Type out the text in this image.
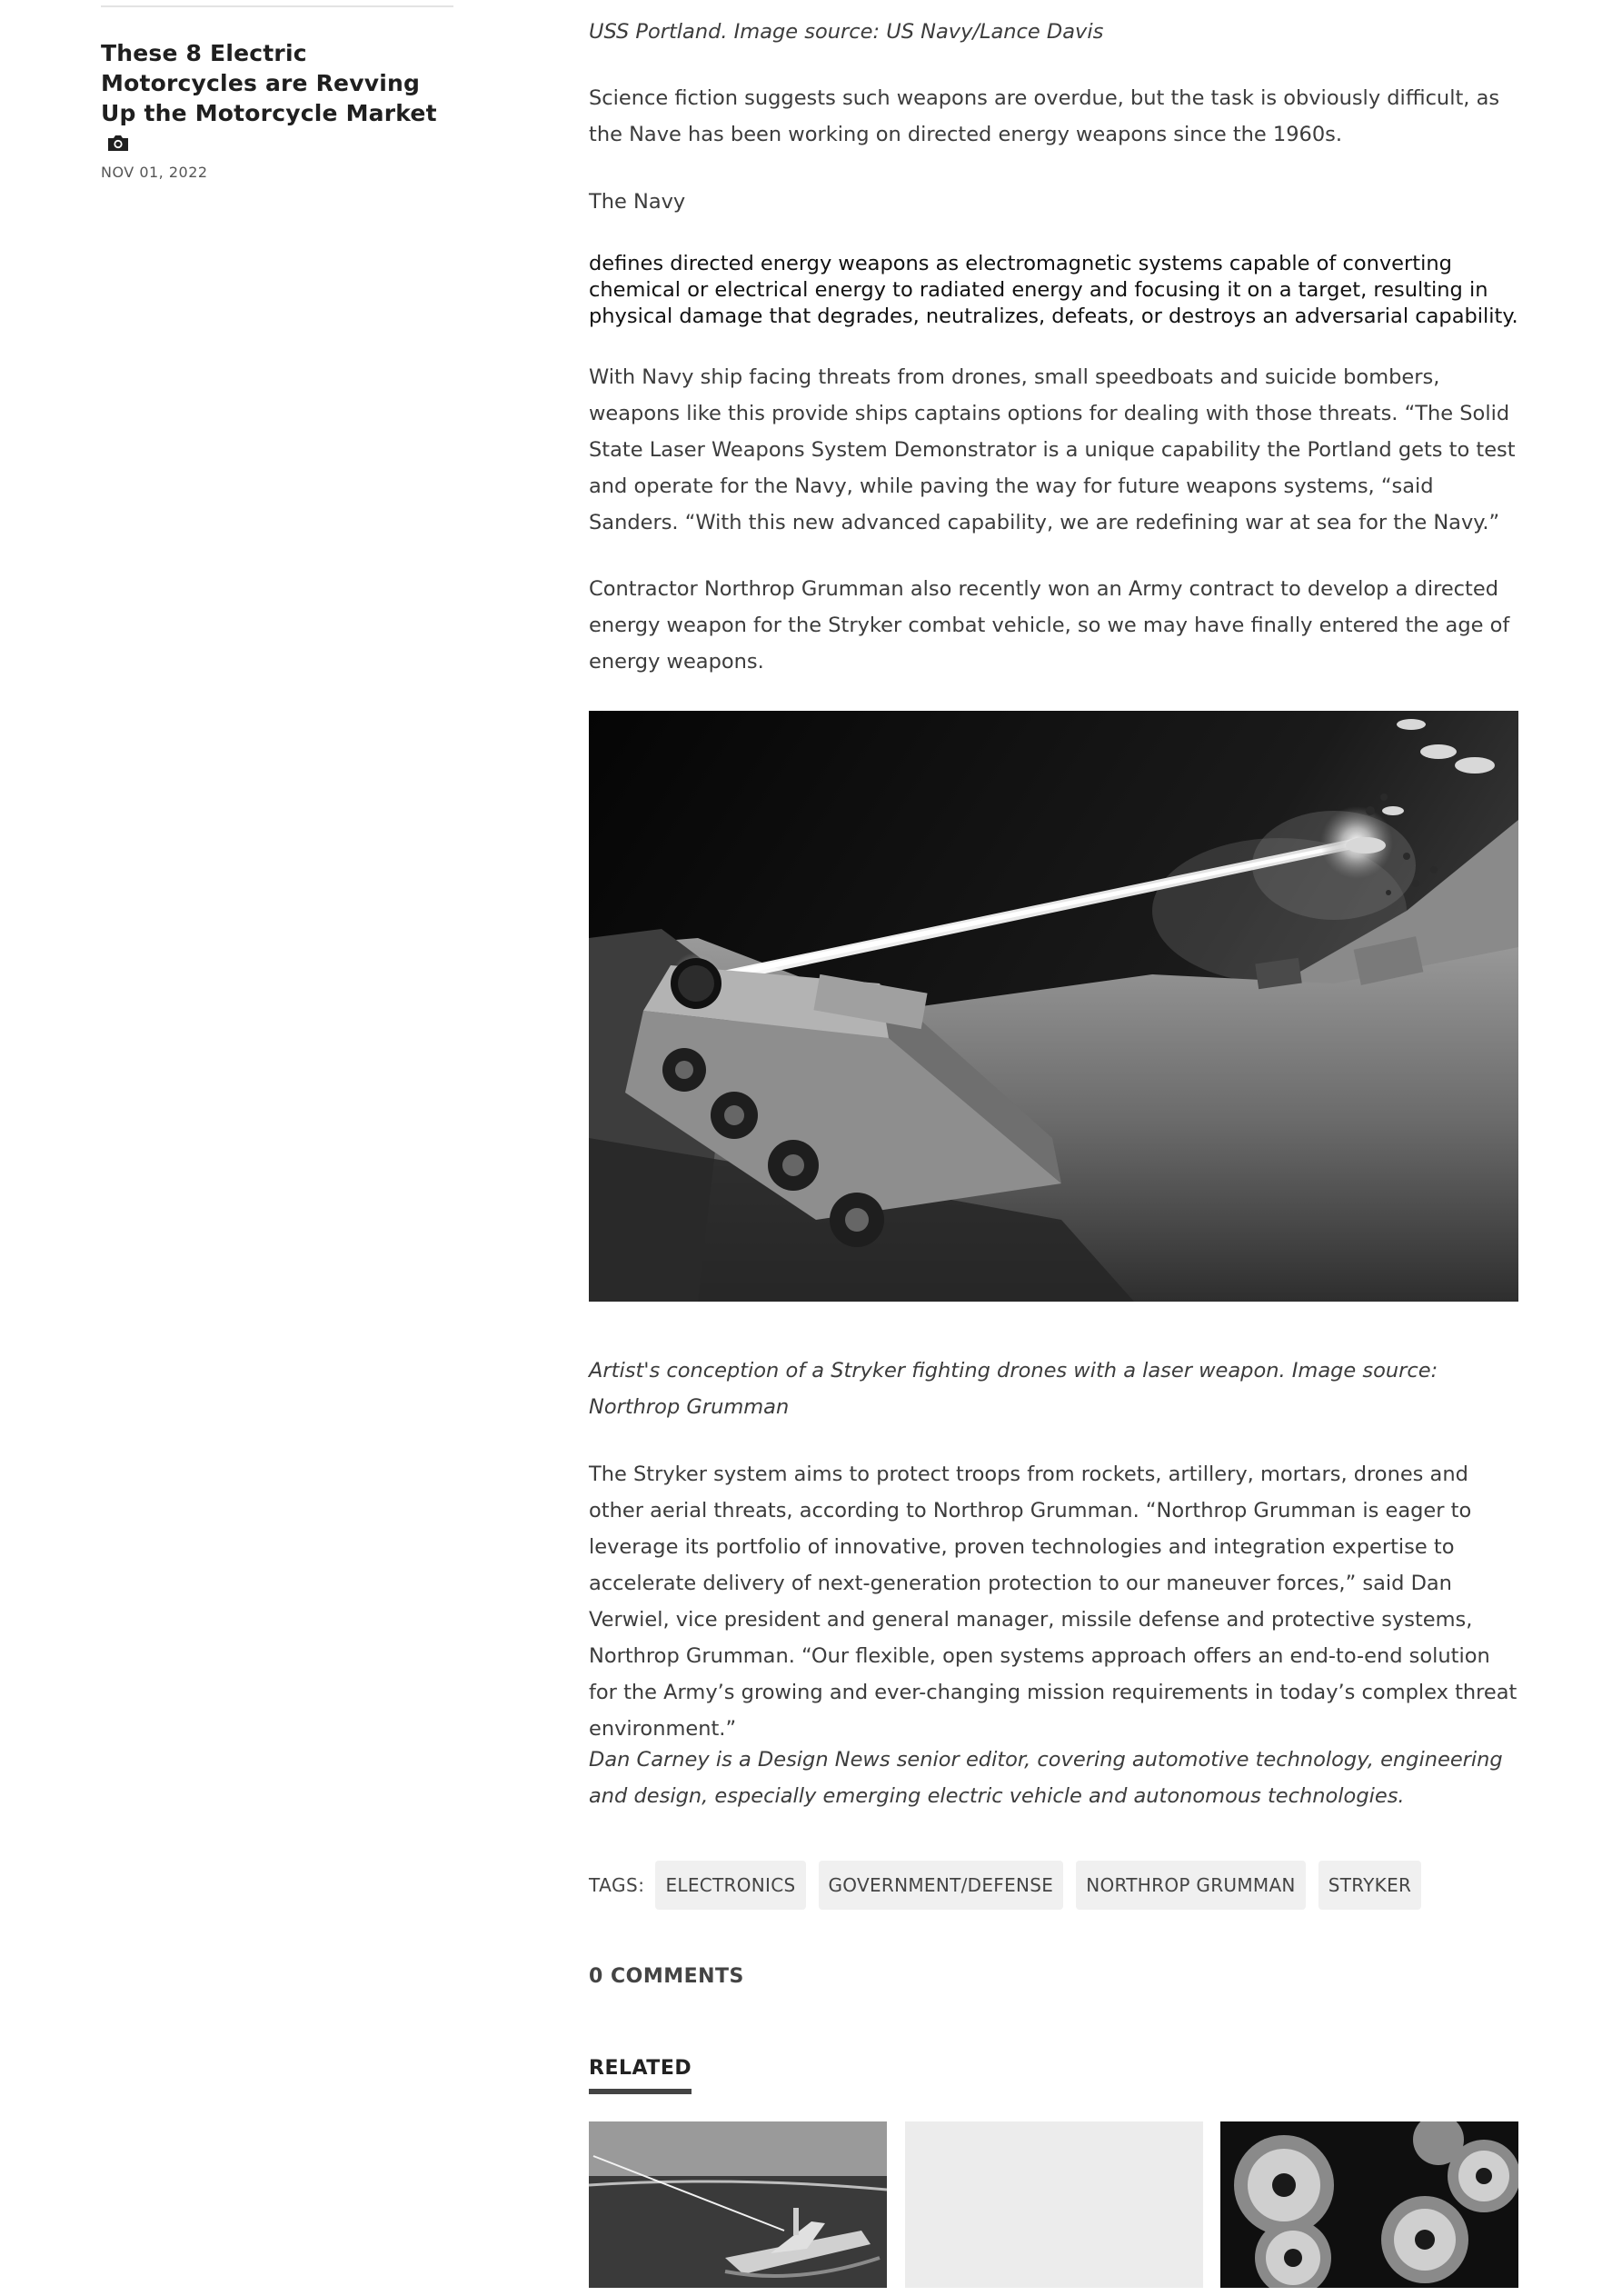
These 8 Electric Motorcycles are Revving Up the Motorcycle Market
NOV 01, 2022

USS Portland. Image source: US Navy/Lance Davis

Science fiction suggests such weapons are overdue, but the task is obviously difficult, as the Nave has been working on directed energy weapons since the 1960s.

The Navy

defines directed energy weapons as electromagnetic systems capable of converting chemical or electrical energy to radiated energy and focusing it on a target, resulting in physical damage that degrades, neutralizes, defeats, or destroys an adversarial capability.

With Navy ship facing threats from drones, small speedboats and suicide bombers, weapons like this provide ships captains options for dealing with those threats. “The Solid State Laser Weapons System Demonstrator is a unique capability the Portland gets to test and operate for the Navy, while paving the way for future weapons systems, “said Sanders. “With this new advanced capability, we are redefining war at sea for the Navy.”

Contractor Northrop Grumman also recently won an Army contract to develop a directed energy weapon for the Stryker combat vehicle, so we may have finally entered the age of energy weapons.

Artist's conception of a Stryker fighting drones with a laser weapon. Image source: Northrop Grumman

The Stryker system aims to protect troops from rockets, artillery, mortars, drones and other aerial threats, according to Northrop Grumman. “Northrop Grumman is eager to leverage its portfolio of innovative, proven technologies and integration expertise to accelerate delivery of next-generation protection to our maneuver forces,” said Dan Verwiel, vice president and general manager, missile defense and protective systems, Northrop Grumman. “Our flexible, open systems approach offers an end-to-end solution for the Army’s growing and ever-changing mission requirements in today’s complex threat environment.”

Dan Carney is a Design News senior editor, covering automotive technology, engineering and design, especially emerging electric vehicle and autonomous technologies.

TAGS:	ELECTRONICS	GOVERNMENT/DEFENSE	NORTHROP GRUMMAN	STRYKER
0 COMMENTS
RELATED
